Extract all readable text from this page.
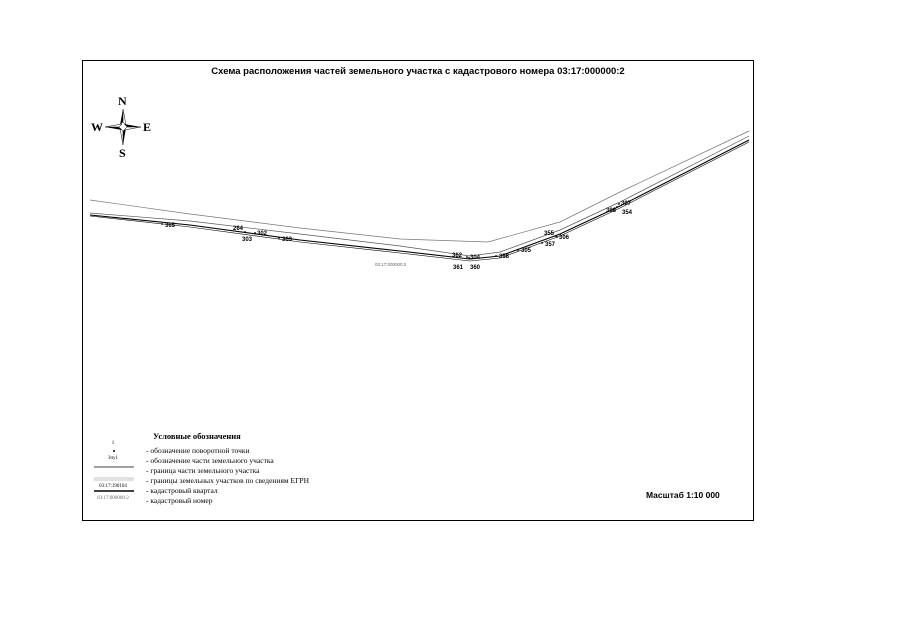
Схема расположения частей земельного участка с кадастрового номера 03:17:000000:2
03:17:000000:2
N
S
E
W
365	264
302
303	363
362 304
361 360
358
305
357
355
306
308
307
354
Условные обозначения
1
Зчу1
03:17:190104
03:17:000000:2
- обозначение поворотной точки
- обозначение части земельного участка
- граница части земельного участка
- границы земельных участков по сведениям ЕГРН
- кадастровый квартал
- кадастровый номер
Масштаб 1:10 000
